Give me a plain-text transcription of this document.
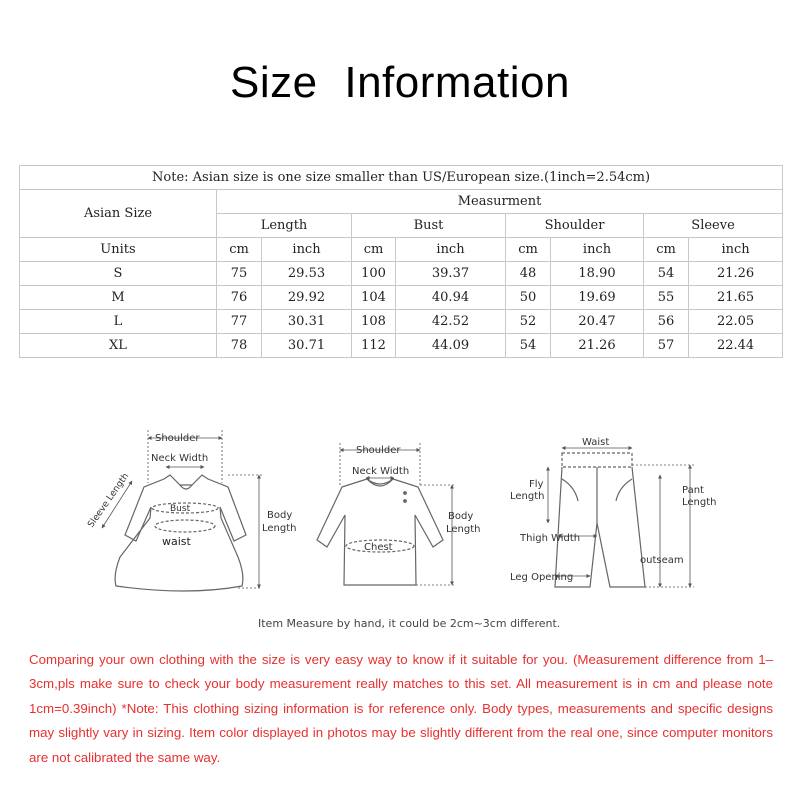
Size Information
Note: Asian size is one size smaller than US/European size.(1inch=2.54cm)								
Asian Size	Measurment							
	Length		Bust		Shoulder		Sleeve	
Units	cm	inch	cm	inch	cm	inch	cm	inch
S	75	29.53	100	39.37	48	18.90	54	21.26
M	76	29.92	104	40.94	50	19.69	55	21.65
L	77	30.31	108	42.52	52	20.47	56	22.05
XL	78	30.71	112	44.09	54	21.26	57	22.44
Shoulder
Neck Width
Sleeve Length	Bust
waist
Body
Length
Shoulder
Neck Width
Chest
Body
Length
Waist
Fly
Length
Pant
Length
Thigh Width
outseam
Leg Opening
Item Measure by hand, it could be 2cm~3cm different.
Comparing your own clothing with the size is very easy way to know if it suitable for you. (Measurement difference from 1– 3cm,pls make sure to check your body measurement really matches to this set. All measurement is in cm and please note 1cm=0.39inch) *Note: This clothing sizing information is for reference only. Body types, measurements and specific designs may slightly vary in sizing. Item color displayed in photos may be slightly different from the real one, since computer monitors are not calibrated the same way.
